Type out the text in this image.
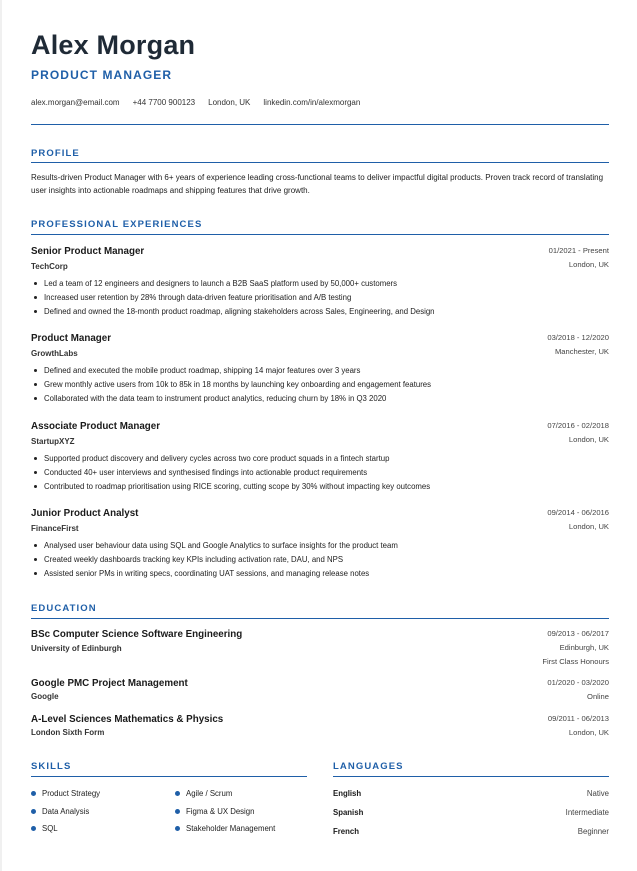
Alex Morgan
PRODUCT MANAGER
alex.morgan@email.com +44 7700 900123 London, UK linkedin.com/in/alexmorgan
PROFILE
Results-driven Product Manager with 6+ years of experience leading cross-functional teams to deliver impactful digital products. Proven track record of translating user insights into actionable roadmaps and shipping features that drive growth.
PROFESSIONAL EXPERIENCES
Senior Product Manager
TechCorp
01/2021 - Present
London, UK
Led a team of 12 engineers and designers to launch a B2B SaaS platform used by 50,000+ customers
Increased user retention by 28% through data-driven feature prioritisation and A/B testing
Defined and owned the 18-month product roadmap, aligning stakeholders across Sales, Engineering, and Design
Product Manager
GrowthLabs
03/2018 - 12/2020
Manchester, UK
Defined and executed the mobile product roadmap, shipping 14 major features over 3 years
Grew monthly active users from 10k to 85k in 18 months by launching key onboarding and engagement features
Collaborated with the data team to instrument product analytics, reducing churn by 18% in Q3 2020
Associate Product Manager
StartupXYZ
07/2016 - 02/2018
London, UK
Supported product discovery and delivery cycles across two core product squads in a fintech startup
Conducted 40+ user interviews and synthesised findings into actionable product requirements
Contributed to roadmap prioritisation using RICE scoring, cutting scope by 30% without impacting key outcomes
Junior Product Analyst
FinanceFirst
09/2014 - 06/2016
London, UK
Analysed user behaviour data using SQL and Google Analytics to surface insights for the product team
Created weekly dashboards tracking key KPIs including activation rate, DAU, and NPS
Assisted senior PMs in writing specs, coordinating UAT sessions, and managing release notes
EDUCATION
BSc Computer Science Software Engineering
University of Edinburgh
09/2013 - 06/2017
Edinburgh, UK
First Class Honours
Google PMC Project Management
Google
01/2020 - 03/2020
Online
A-Level Sciences Mathematics & Physics
London Sixth Form
09/2011 - 06/2013
London, UK
SKILLS
Product Strategy	Agile / Scrum
Data Analysis	Figma & UX Design
SQL	Stakeholder Management
LANGUAGES
English	Native
Spanish	Intermediate
French	Beginner
